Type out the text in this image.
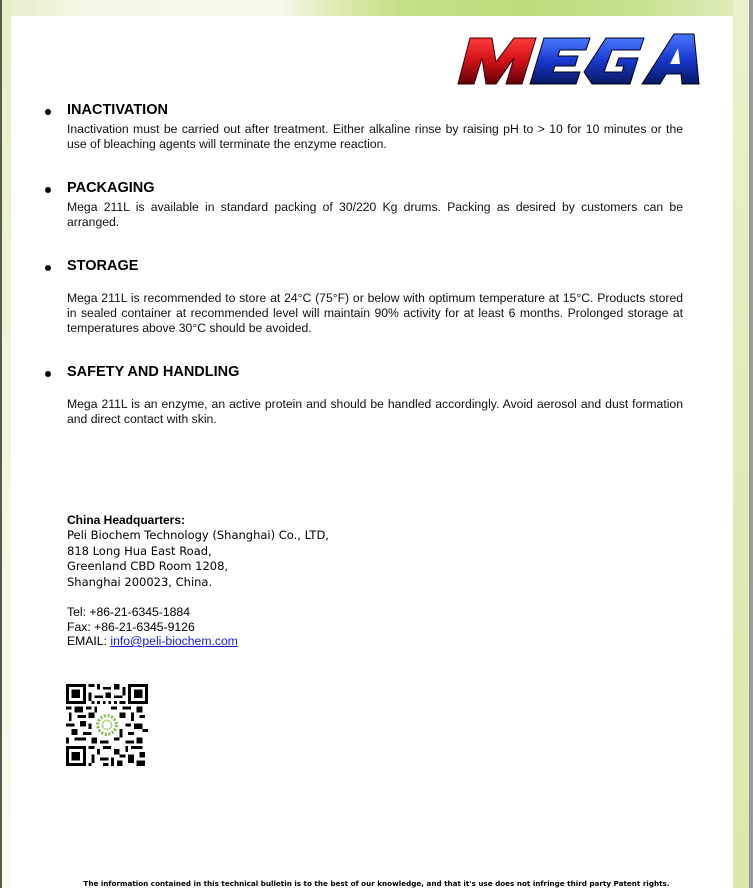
INACTIVATION
Inactivation must be carried out after treatment. Either alkaline rinse by raising pH to > 10 for 10 minutes or the use of bleaching agents will terminate the enzyme reaction.
PACKAGING
Mega 211L is available in standard packing of 30/220 Kg drums. Packing as desired by customers can be arranged.
STORAGE
Mega 211L is recommended to store at 24°C (75°F) or below with optimum temperature at 15°C. Products stored in sealed container at recommended level will maintain 90% activity for at least 6 months. Prolonged storage at temperatures above 30°C should be avoided.
SAFETY AND HANDLING
Mega 211L is an enzyme, an active protein and should be handled accordingly. Avoid aerosol and dust formation and direct contact with skin.
China Headquarters:
Peli Biochem Technology (Shanghai) Co., LTD,
818 Long Hua East Road,
Greenland CBD Room 1208,
Shanghai 200023, China.
Tel: +86-21-6345-1884
Fax: +86-21-6345-9126
EMAIL: info@peli-biochem.com
The information contained in this technical bulletin is to the best of our knowledge, and that it's use does not infringe third party Patent rights.
